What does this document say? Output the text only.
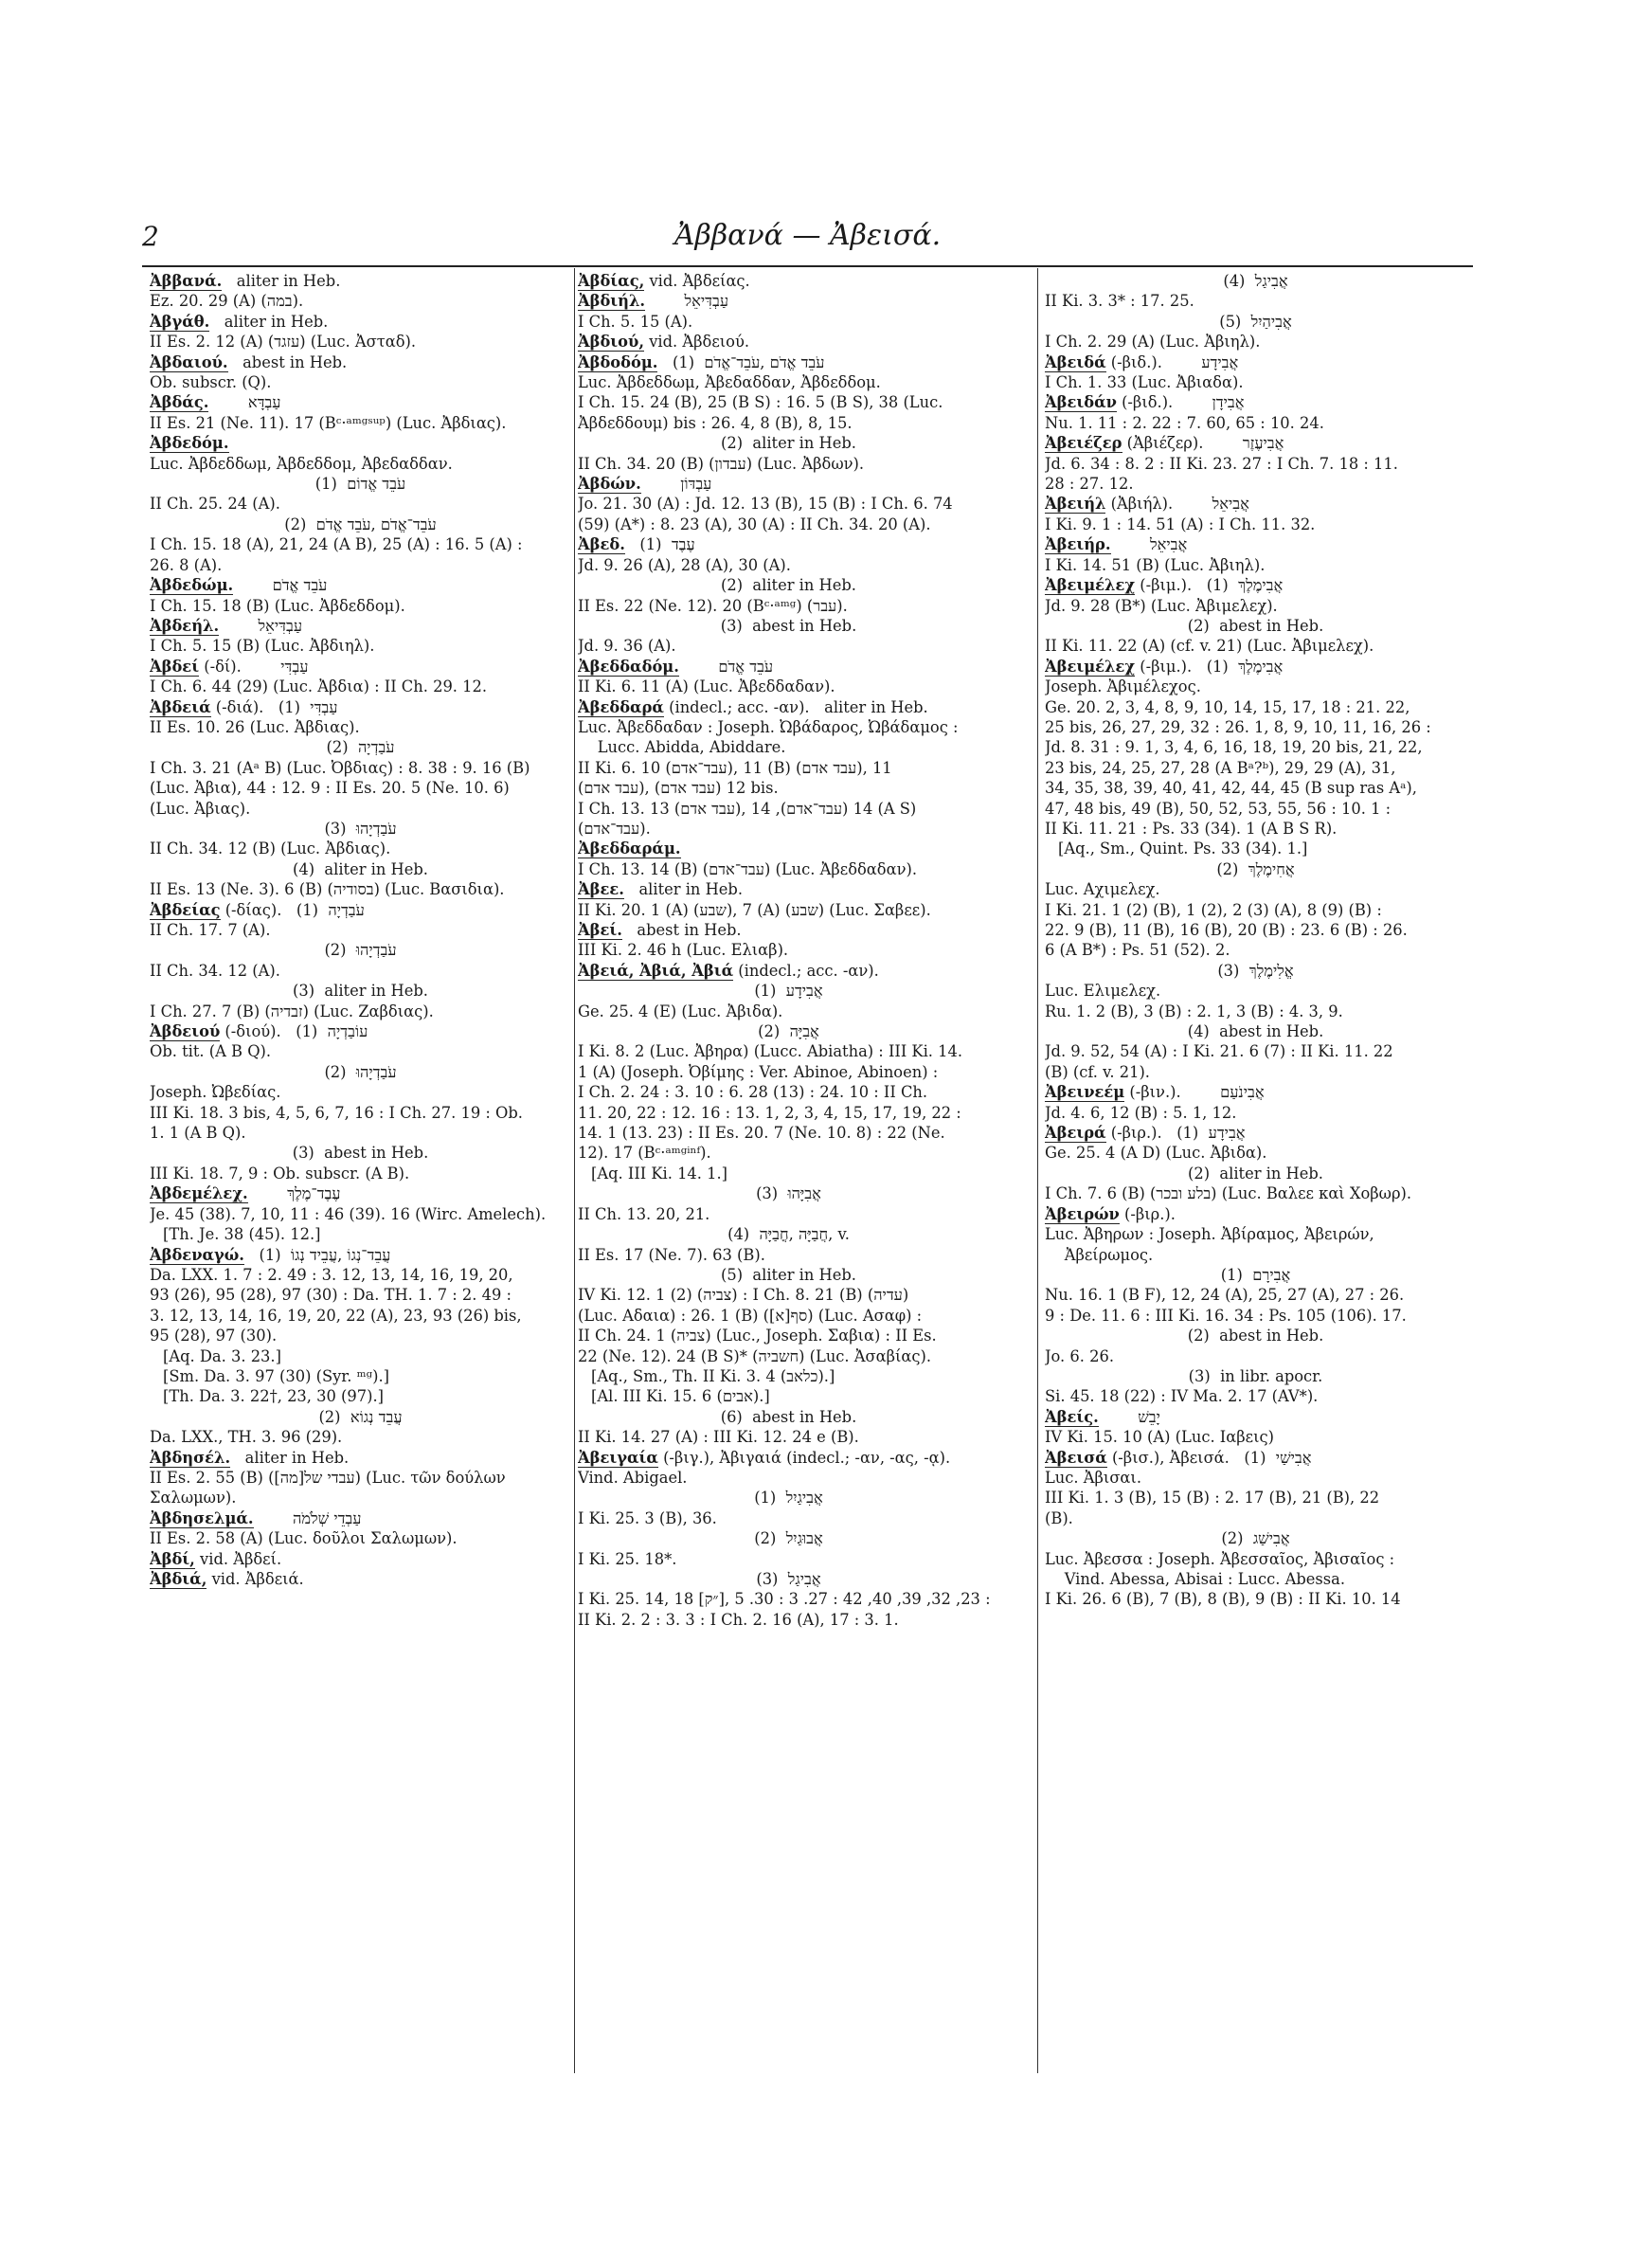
2	Ἀββανά — Ἀβεισά.
Ἀββανά.   aliter in Heb.
Ez. 20. 29 (A) (במה).
Ἀβγάθ.   aliter in Heb.
II Es. 2. 12 (A) (עזגד) (Luc. Ἀσταδ).
Ἀβδαιού.   abest in Heb.
Ob. subscr. (Q).
Ἀβδάς.        עַבְדָּא
II Es. 21 (Ne. 11). 17 (Bᶜ·ᵃᵐᵍˢᵘᵖ) (Luc. Ἀβδιας).
Ἀβδεδόμ.
Luc. Ἀβδεδδωμ, Ἀβδεδδομ, Ἀβεδαδδαν.
(1)  עֹבֵד אֱדוֹם
II Ch. 25. 24 (A).
(2)  עֹבֵד־אֱדֹם ,עֹבֵד אֱדֹם
I Ch. 15. 18 (A), 21, 24 (A B), 25 (A) : 16. 5 (A) :
26. 8 (A).
Ἀβδεδώμ.        עֹבֵד אֱדֹם
I Ch. 15. 18 (B) (Luc. Ἀβδεδδομ).
Ἀβδεήλ.        עַבְדִּיאֵל
I Ch. 5. 15 (B) (Luc. Ἀβδιηλ).
Ἀβδεί (-δί).        עַבְדִּי
I Ch. 6. 44 (29) (Luc. Ἀβδια) : II Ch. 29. 12.
Ἀβδειά (-διά).   (1)  עַבְדִּי
II Es. 10. 26 (Luc. Ἀβδιας).
(2)  עֹבַדְיָה
I Ch. 3. 21 (Aᵃ B) (Luc. Ὀβδιας) : 8. 38 : 9. 16 (B)
(Luc. Ἀβια), 44 : 12. 9 : II Es. 20. 5 (Ne. 10. 6)
(Luc. Ἀβιας).
(3)  עֹבַדְיָהוּ
II Ch. 34. 12 (B) (Luc. Ἀβδιας).
(4)  aliter in Heb.
II Es. 13 (Ne. 3). 6 (B) (בסודיה) (Luc. Βασιδια).
Ἀβδείας (-δίας).   (1)  עֹבַדְיָה
II Ch. 17. 7 (A).
(2)  עֹבַדְיָהוּ
II Ch. 34. 12 (A).
(3)  aliter in Heb.
I Ch. 27. 7 (B) (זבדיה) (Luc. Ζαβδιας).
Ἀβδειού (-διού).   (1)  עוֹבַדְיָה
Ob. tit. (A B Q).
(2)  עֹבַדְיָהוּ
Joseph. Ὠβεδίας.
III Ki. 18. 3 bis, 4, 5, 6, 7, 16 : I Ch. 27. 19 : Ob.
1. 1 (A B Q).
(3)  abest in Heb.
III Ki. 18. 7, 9 : Ob. subscr. (A B).
Ἀβδεμέλεχ.        עֶבֶד־מֶלֶךְ
Je. 45 (38). 7, 10, 11 : 46 (39). 16 (Wirc. Amelech).
[Th. Je. 38 (45). 12.]
Ἀβδεναγώ.   (1)  עֲבֵד־נְגוֹ ,עֲבֵיד נְגוֹ
Da. LXX. 1. 7 : 2. 49 : 3. 12, 13, 14, 16, 19, 20,
93 (26), 95 (28), 97 (30) : Da. TH. 1. 7 : 2. 49 :
3. 12, 13, 14, 16, 19, 20, 22 (A), 23, 93 (26) bis,
95 (28), 97 (30).
[Aq. Da. 3. 23.]
[Sm. Da. 3. 97 (30) (Syr. ᵐᵍ).]
[Th. Da. 3. 22†, 23, 30 (97).]
(2)  עֲבֵד נְגוֹא
Da. LXX., TH. 3. 96 (29).
Ἀβδησέλ.   aliter in Heb.
II Es. 2. 55 (B) ([מה]עבדי של) (Luc. τῶν δούλων
Σαλωμων).
Ἀβδησελμά.        עַבְדֵי שְׁלֹמֹה
II Es. 2. 58 (A) (Luc. δοῦλοι Σαλωμων).
Ἀβδί, vid. Ἀβδεί.
Ἀβδιά, vid. Ἀβδειά.
Ἀβδίας, vid. Ἀβδείας.
Ἀβδιήλ.        עַבְדִּיאֵל
I Ch. 5. 15 (A).
Ἀβδιού, vid. Ἀβδειού.
Ἀβδοδόμ.   (1)  עֹבֵד אֱדֹם ,עֹבֵד־אֱדֹם
Luc. Ἀβδεδδωμ, Ἀβεδαδδαν, Ἀβδεδδομ.
I Ch. 15. 24 (B), 25 (B S) : 16. 5 (B S), 38 (Luc.
Ἀβδεδδουμ) bis : 26. 4, 8 (B), 8, 15.
(2)  aliter in Heb.
II Ch. 34. 20 (B) (עבדון) (Luc. Ἀβδων).
Ἀβδών.        עַבְדּוֹן
Jo. 21. 30 (A) : Jd. 12. 13 (B), 15 (B) : I Ch. 6. 74
(59) (A*) : 8. 23 (A), 30 (A) : II Ch. 34. 20 (A).
Ἀβεδ.   (1)  עֶבֶד
Jd. 9. 26 (A), 28 (A), 30 (A).
(2)  aliter in Heb.
II Es. 22 (Ne. 12). 20 (Bᶜ·ᵃᵐᵍ) (עבר).
(3)  abest in Heb.
Jd. 9. 36 (A).
Ἀβεδδαδόμ.        עֹבֵד אֱדֹם
II Ki. 6. 11 (A) (Luc. Ἀβεδδαδαν).
Ἀβεδδαρά (indecl.; acc. -αν).   aliter in Heb.
Luc. Ἀβεδδαδαν : Joseph. Ὠβάδαρος, Ὠβάδαμος :
Lucc. Abidda, Abiddare.
II Ki. 6. 10 (עבד־אדם), 11 (B) (עבד אדם), 11
(עבד אדם), 12 (עבד אדם) bis.
I Ch. 13. 13 (עבד אדם), 14 (עבד־אדם), 14 (A S)
(עבד־אדם).
Ἀβεδδαράμ.
I Ch. 13. 14 (B) (עבד־אדם) (Luc. Ἀβεδδαδαν).
Ἀβεε.   aliter in Heb.
II Ki. 20. 1 (A) (שבע), 7 (A) (שבע) (Luc. Σαβεε).
Ἀβεί.   abest in Heb.
III Ki. 2. 46 h (Luc. Ελιαβ).
Ἀβειά, Ἀβιά, Ἀβιά (indecl.; acc. -αν).
(1)  אֲבִידָע
Ge. 25. 4 (E) (Luc. Ἀβιδα).
(2)  אֲבִיָּה
I Ki. 8. 2 (Luc. Ἀβηρα) (Lucc. Abiatha) : III Ki. 14.
1 (A) (Joseph. Ὀβίμης : Ver. Abinoe, Abinoen) :
I Ch. 2. 24 : 3. 10 : 6. 28 (13) : 24. 10 : II Ch.
11. 20, 22 : 12. 16 : 13. 1, 2, 3, 4, 15, 17, 19, 22 :
14. 1 (13. 23) : II Es. 20. 7 (Ne. 10. 8) : 22 (Ne.
12). 17 (Bᶜ·ᵃᵐᵍⁱⁿᶠ).
[Aq. III Ki. 14. 1.]
(3)  אֲבִיָּהוּ
II Ch. 13. 20, 21.
(4)  חֲבַיָּה ,חֳבַיָּה, v.
II Es. 17 (Ne. 7). 63 (B).
(5)  aliter in Heb.
IV Ki. 12. 1 (2) (צביה) : I Ch. 8. 21 (B) (עדיה)
(Luc. Αδαια) : 26. 1 (B) ([א]סף) (Luc. Ασαφ) :
II Ch. 24. 1 (צביה) (Luc., Joseph. Σαβια) : II Es.
22 (Ne. 12). 24 (B S)* (חשביה) (Luc. Ἀσαβίας).
[Aq., Sm., Th. II Ki. 3. 4 (כלאב).]
[Al. III Ki. 15. 6 (אבים).]
(6)  abest in Heb.
II Ki. 14. 27 (A) : III Ki. 12. 24 e (B).
Ἀβειγαία (-βιγ.), Ἀβιγαιά (indecl.; -αν, -ας, -ᾳ).
Vind. Abigael.
(1)  אֲבִיגַיִל
I Ki. 25. 3 (B), 36.
(2)  אֲבוּגַיִל
I Ki. 25. 18*.
(3)  אֲבִיגַל
I Ki. 25. 14, 18 [״ק], 23, 32, 39, 40, 42 : 27. 3 : 30. 5 :
II Ki. 2. 2 : 3. 3 : I Ch. 2. 16 (A), 17 : 3. 1.
(4)  אֲבִיגַל
II Ki. 3. 3* : 17. 25.
(5)  אֲבִיהַיִל
I Ch. 2. 29 (A) (Luc. Ἀβιηλ).
Ἀβειδά (-βιδ.).        אֲבִידָע
I Ch. 1. 33 (Luc. Ἀβιαδα).
Ἀβειδάν (-βιδ.).        אֲבִידָן
Nu. 1. 11 : 2. 22 : 7. 60, 65 : 10. 24.
Ἀβειέζερ (Ἀβιέζερ).        אֲבִיעֶזֶר
Jd. 6. 34 : 8. 2 : II Ki. 23. 27 : I Ch. 7. 18 : 11.
28 : 27. 12.
Ἀβειήλ (Ἀβιήλ).        אֲבִיאֵל
I Ki. 9. 1 : 14. 51 (A) : I Ch. 11. 32.
Ἀβειήρ.        אֲבִיאֵל
I Ki. 14. 51 (B) (Luc. Ἀβιηλ).
Ἀβειμέλεχ (-βιμ.).   (1)  אֲבִימֶלֶךְ
Jd. 9. 28 (B*) (Luc. Ἀβιμελεχ).
(2)  abest in Heb.
II Ki. 11. 22 (A) (cf. v. 21) (Luc. Ἀβιμελεχ).
Ἀβειμέλεχ (-βιμ.).   (1)  אֲבִימֶלֶךְ
Joseph. Ἀβιμέλεχος.
Ge. 20. 2, 3, 4, 8, 9, 10, 14, 15, 17, 18 : 21. 22,
25 bis, 26, 27, 29, 32 : 26. 1, 8, 9, 10, 11, 16, 26 :
Jd. 8. 31 : 9. 1, 3, 4, 6, 16, 18, 19, 20 bis, 21, 22,
23 bis, 24, 25, 27, 28 (A Bᵃ?ᵇ), 29, 29 (A), 31,
34, 35, 38, 39, 40, 41, 42, 44, 45 (B sup ras Aᵃ),
47, 48 bis, 49 (B), 50, 52, 53, 55, 56 : 10. 1 :
II Ki. 11. 21 : Ps. 33 (34). 1 (A B S R).
[Aq., Sm., Quint. Ps. 33 (34). 1.]
(2)  אֲחִימֶלֶךְ
Luc. Αχιμελεχ.
I Ki. 21. 1 (2) (B), 1 (2), 2 (3) (A), 8 (9) (B) :
22. 9 (B), 11 (B), 16 (B), 20 (B) : 23. 6 (B) : 26.
6 (A B*) : Ps. 51 (52). 2.
(3)  אֱלִימֶלֶךְ
Luc. Ελιμελεχ.
Ru. 1. 2 (B), 3 (B) : 2. 1, 3 (B) : 4. 3, 9.
(4)  abest in Heb.
Jd. 9. 52, 54 (A) : I Ki. 21. 6 (7) : II Ki. 11. 22
(B) (cf. v. 21).
Ἀβεινεέμ (-βιν.).        אֲבִינֹעַם
Jd. 4. 6, 12 (B) : 5. 1, 12.
Ἀβειρά (-βιρ.).   (1)  אֲבִידָע
Ge. 25. 4 (A D) (Luc. Ἀβιδα).
(2)  aliter in Heb.
I Ch. 7. 6 (B) (בלע ובכר) (Luc. Βαλεε καὶ Χοβωρ).
Ἀβειρών (-βιρ.).
Luc. Ἀβηρων : Joseph. Ἀβίραμος, Ἀβειρών,
Ἀβείρωμος.
(1)  אֲבִירָם
Nu. 16. 1 (B F), 12, 24 (A), 25, 27 (A), 27 : 26.
9 : De. 11. 6 : III Ki. 16. 34 : Ps. 105 (106). 17.
(2)  abest in Heb.
Jo. 6. 26.
(3)  in libr. apocr.
Si. 45. 18 (22) : IV Ma. 2. 17 (AV*).
Ἀβείς.        יָבֵשׁ
IV Ki. 15. 10 (A) (Luc. Ιαβεις)
Ἀβεισά (-βισ.), Ἀβεισά.   (1)  אֲבִישַׁי
Luc. Ἀβισαι.
III Ki. 1. 3 (B), 15 (B) : 2. 17 (B), 21 (B), 22
(B).
(2)  אֲבִישַׁג
Luc. Ἀβεσσα : Joseph. Ἀβεσσαῖος, Ἀβισαῖος :
Vind. Abessa, Abisai : Lucc. Abessa.
I Ki. 26. 6 (B), 7 (B), 8 (B), 9 (B) : II Ki. 10. 14
